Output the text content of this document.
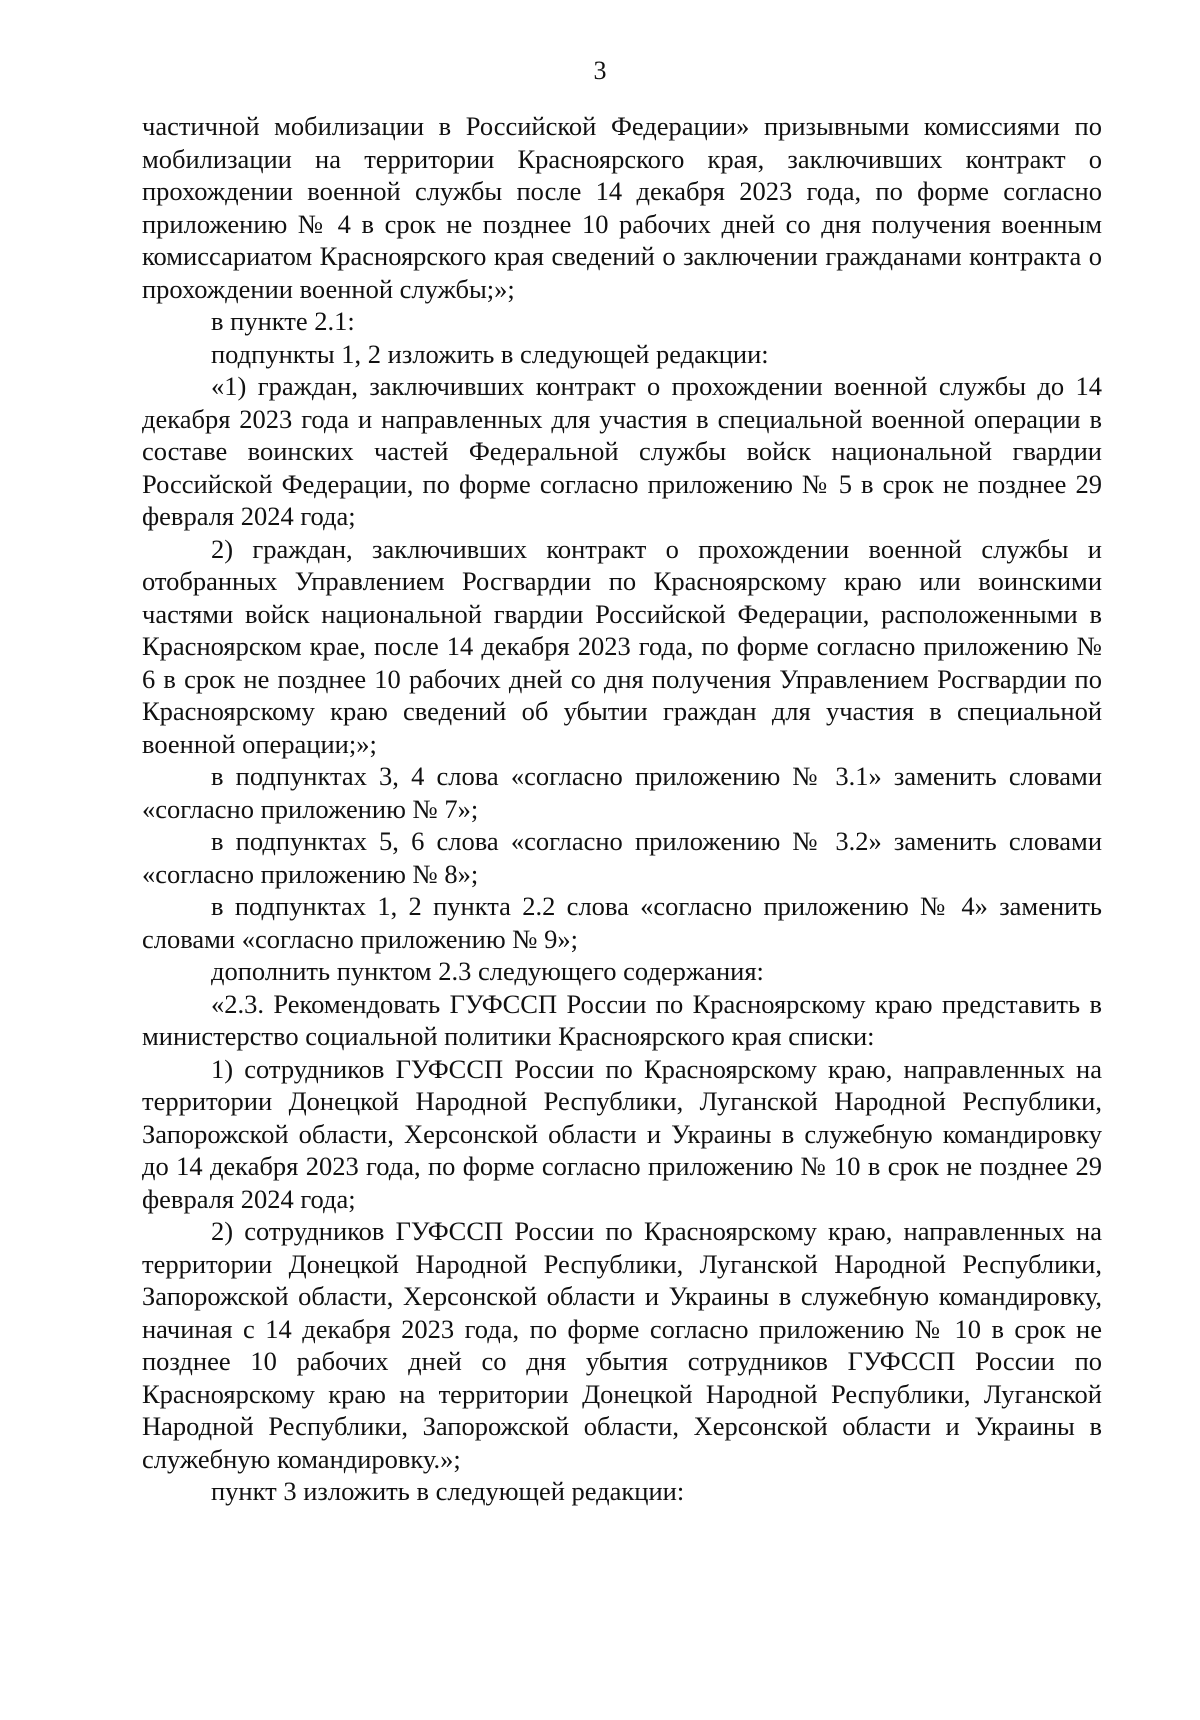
3

частичной мобилизации в Российской Федерации» призывными комиссиями по мобилизации на территории Красноярского края, заключивших контракт о прохождении военной службы после 14 декабря 2023 года, по форме согласно приложению № 4 в срок не позднее 10 рабочих дней со дня получения военным комиссариатом Красноярского края сведений о заключении гражданами контракта о прохождении военной службы;»;

в пункте 2.1:

подпункты 1, 2 изложить в следующей редакции:

«1) граждан, заключивших контракт о прохождении военной службы до 14 декабря 2023 года и направленных для участия в специальной военной операции в составе воинских частей Федеральной службы войск национальной гвардии Российской Федерации, по форме согласно приложению № 5 в срок не позднее 29 февраля 2024 года;

2) граждан, заключивших контракт о прохождении военной службы и отобранных Управлением Росгвардии по Красноярскому краю или воинскими частями войск национальной гвардии Российской Федерации, расположенными в Красноярском крае, после 14 декабря 2023 года, по форме согласно приложению № 6 в срок не позднее 10 рабочих дней со дня получения Управлением Росгвардии по Красноярскому краю сведений об убытии граждан для участия в специальной военной операции;»;

в подпунктах 3, 4 слова «согласно приложению № 3.1» заменить словами «согласно приложению № 7»;

в подпунктах 5, 6 слова «согласно приложению № 3.2» заменить словами «согласно приложению № 8»;

в подпунктах 1, 2 пункта 2.2 слова «согласно приложению № 4» заменить словами «согласно приложению № 9»;

дополнить пунктом 2.3 следующего содержания:

«2.3. Рекомендовать ГУФССП России по Красноярскому краю представить в министерство социальной политики Красноярского края списки:

1) сотрудников ГУФССП России по Красноярскому краю, направленных на территории Донецкой Народной Республики, Луганской Народной Республики, Запорожской области, Херсонской области и Украины в служебную командировку до 14 декабря 2023 года, по форме согласно приложению № 10 в срок не позднее 29 февраля 2024 года;

2) сотрудников ГУФССП России по Красноярскому краю, направленных на территории Донецкой Народной Республики, Луганской Народной Республики, Запорожской области, Херсонской области и Украины в служебную командировку, начиная с 14 декабря 2023 года, по форме согласно приложению № 10 в срок не позднее 10 рабочих дней со дня убытия сотрудников ГУФССП России по Красноярскому краю на территории Донецкой Народной Республики, Луганской Народной Республики, Запорожской области, Херсонской области и Украины в служебную командировку.»;

пункт 3 изложить в следующей редакции:
